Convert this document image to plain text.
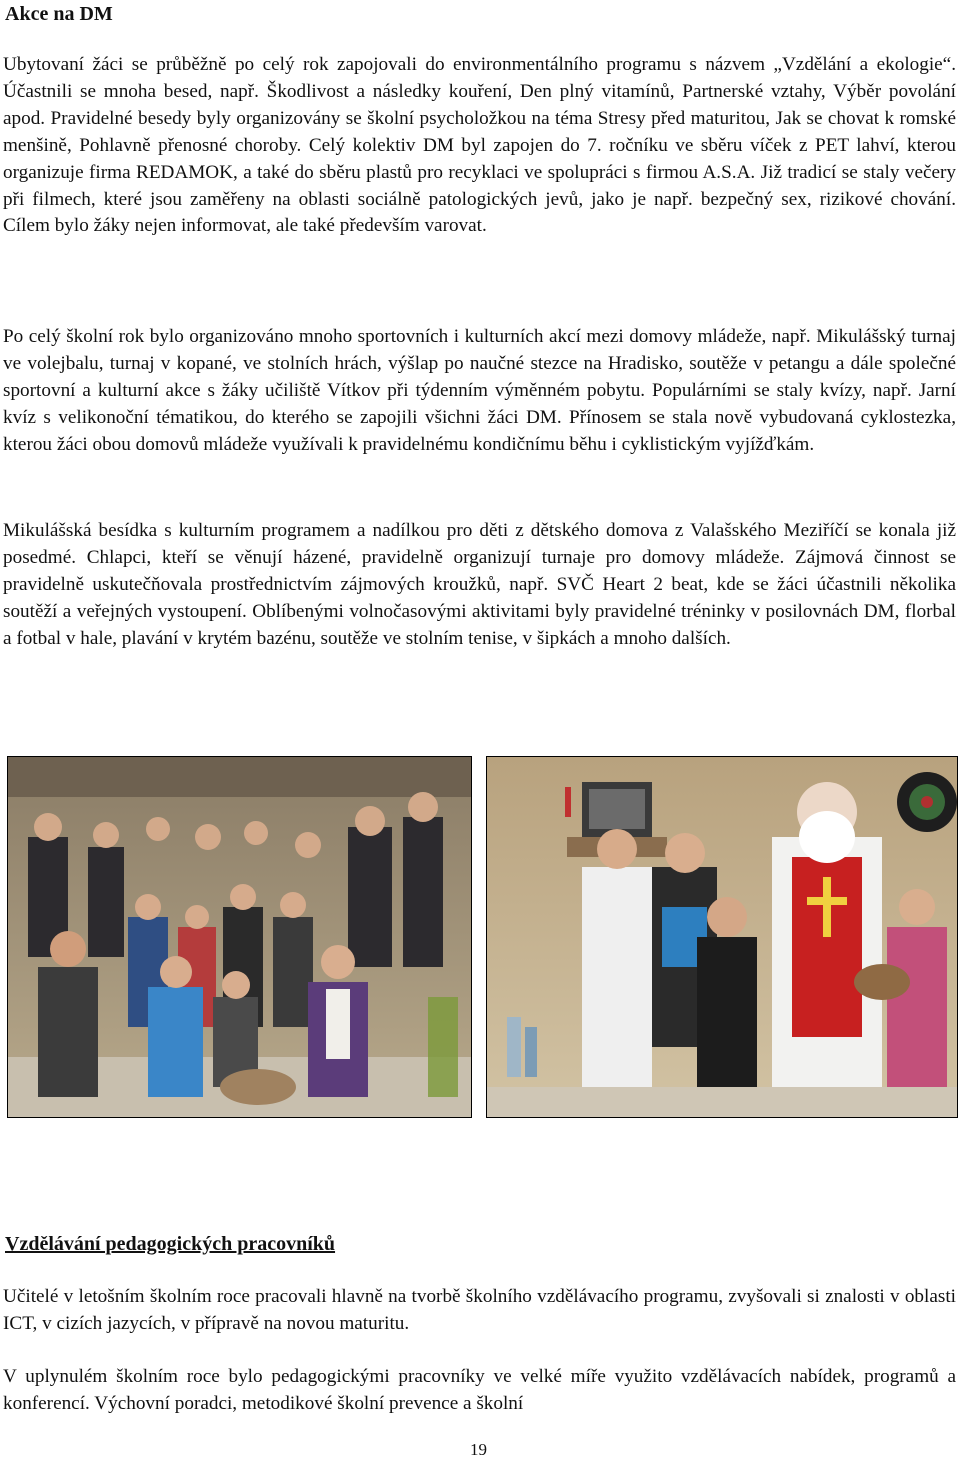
Akce na DM
Ubytovaní žáci se průběžně po celý rok zapojovali do environmentálního programu s názvem „Vzdělání a ekologie“. Účastnili se mnoha besed, např. Škodlivost a následky kouření, Den plný vitamínů, Partnerské vztahy, Výběr povolání apod. Pravidelné besedy byly organizovány se školní psycholožkou na téma Stresy před maturitou, Jak se chovat k romské menšině, Pohlavně přenosné choroby. Celý kolektiv DM byl zapojen do 7. ročníku ve sběru víček z PET lahví, kterou organizuje firma REDAMOK, a také do sběru plastů pro recyklaci ve spolupráci s firmou A.S.A. Již tradicí se staly večery při filmech, které jsou zaměřeny na oblasti sociálně patologických jevů, jako je např. bezpečný sex, rizikové chování. Cílem bylo žáky nejen informovat, ale také především varovat.
Po celý školní rok bylo organizováno mnoho sportovních i kulturních akcí mezi domovy mládeže, např. Mikulášský turnaj ve volejbalu, turnaj v kopané, ve stolních hrách, výšlap po naučné stezce na Hradisko, soutěže v petangu a dále společné sportovní a kulturní akce s žáky učiliště Vítkov při týdenním výměnném pobytu. Populárními se staly kvízy, např. Jarní kvíz s velikonoční tématikou, do kterého se zapojili všichni žáci DM. Přínosem se stala nově vybudovaná cyklostezka, kterou žáci obou domovů mládeže využívali k pravidelnému kondičnímu běhu i cyklistickým vyjížďkám.
Mikulášská besídka s kulturním programem a nadílkou pro děti z dětského domova z Valašského Meziříčí se konala již posedmé. Chlapci, kteří se věnují házené, pravidelně organizují turnaje pro domovy mládeže. Zájmová činnost se pravidelně uskutečňovala prostřednictvím zájmových kroužků, např. SVČ Heart 2 beat, kde se žáci účastnili několika soutěží a veřejných vystoupení. Oblíbenými volnočasovými aktivitami byly pravidelné tréninky v posilovnách DM, florbal a fotbal v hale, plavání v krytém bazénu, soutěže ve stolním tenise, v šipkách a mnoho dalších.
Vzdělávání pedagogických pracovníků
Učitelé v letošním školním roce pracovali hlavně na tvorbě školního vzdělávacího programu, zvyšovali si znalosti v oblasti ICT, v cizích jazycích, v přípravě na novou maturitu.
V uplynulém školním roce bylo pedagogickými pracovníky ve velké míře využito vzdělávacích nabídek, programů a konferencí. Výchovní poradci, metodikové školní prevence a školní
19
